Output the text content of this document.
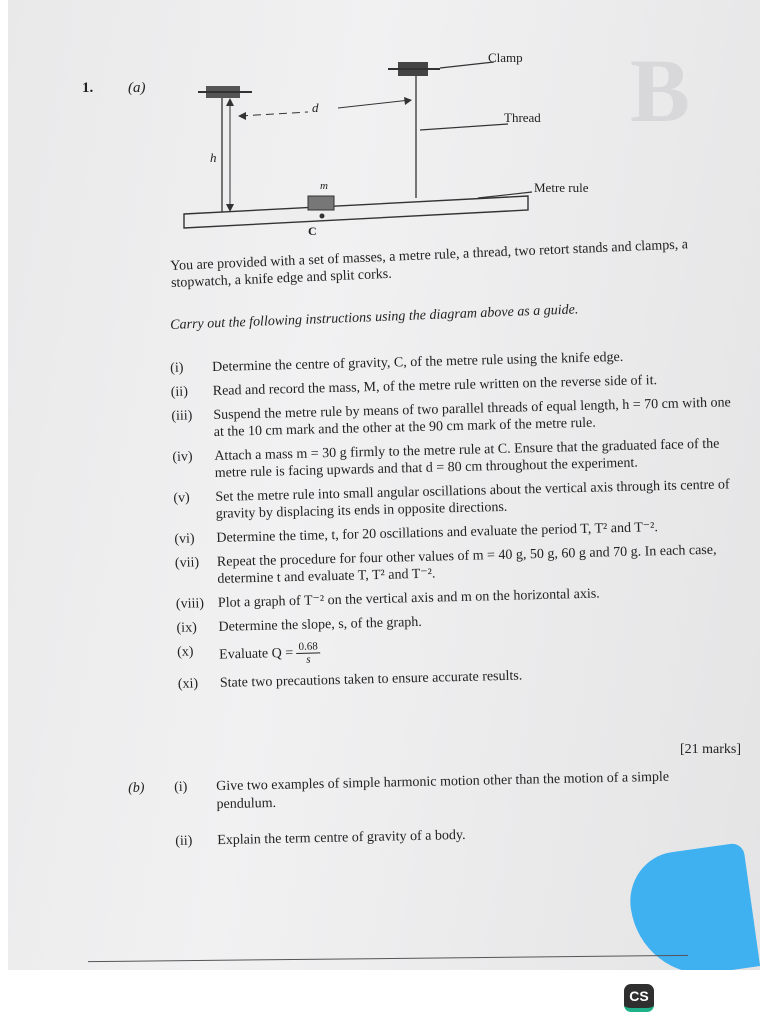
B
Clamp
Thread
Metre rule
d
h
m
C
1. (a)
You are provided with a set of masses, a metre rule, a thread, two retort stands and clamps, a stopwatch, a knife edge and split corks.
Carry out the following instructions using the diagram above as a guide.
(i)	Determine the centre of gravity, C, of the metre rule using the knife edge.
(ii)	Read and record the mass, M, of the metre rule written on the reverse side of it.
(iii)	Suspend the metre rule by means of two parallel threads of equal length, h = 70 cm with one at the 10 cm mark and the other at the 90 cm mark of the metre rule.
(iv)	Attach a mass m = 30 g firmly to the metre rule at C. Ensure that the graduated face of the metre rule is facing upwards and that d = 80 cm throughout the experiment.
(v)	Set the metre rule into small angular oscillations about the vertical axis through its centre of gravity by displacing its ends in opposite directions.
(vi)	Determine the time, t, for 20 oscillations and evaluate the period T, T² and T⁻².
(vii)	Repeat the procedure for four other values of m = 40 g, 50 g, 60 g and 70 g. In each case, determine t and evaluate T, T² and T⁻².
(viii) Plot a graph of T⁻² on the vertical axis and m on the horizontal axis.
(ix)	Determine the slope, s, of the graph.
(x)	Evaluate $Q = \frac{0.68}{s}$
(xi)	State two precautions taken to ensure accurate results.
[21 marks]
(b)	(i)	Give two examples of simple harmonic motion other than the motion of a simple pendulum.
(ii)	Explain the term centre of gravity of a body.
CS
